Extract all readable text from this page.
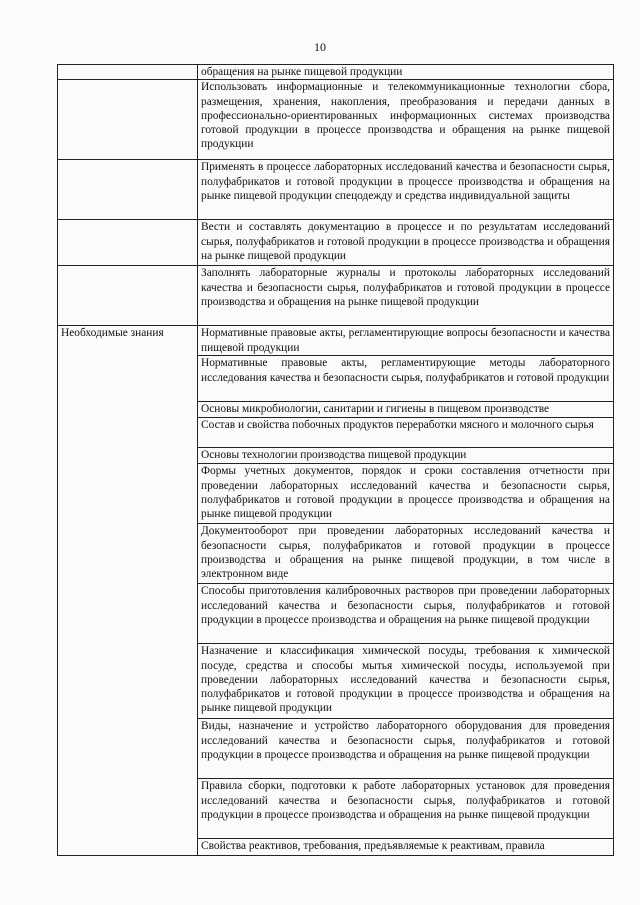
10
	обращения на рынке пищевой продукции
	Использовать информационные и телекоммуникационные технологии сбора, размещения, хранения, накопления, преобразования и передачи данных в профессионально-ориентированных информационных системах производства готовой продукции в процессе производства и обращения на рынке пищевой продукции
	Применять в процессе лабораторных исследований качества и безопасности сырья, полуфабрикатов и готовой продукции в процессе производства и обращения на рынке пищевой продукции спецодежду и средства индивидуальной защиты
	Вести и составлять документацию в процессе и по результатам исследований сырья, полуфабрикатов и готовой продукции в процессе производства и обращения на рынке пищевой продукции
	Заполнять лабораторные журналы и протоколы лабораторных исследований качества и безопасности сырья, полуфабрикатов и готовой продукции в процессе производства и обращения на рынке пищевой продукции
Необходимые знания	Нормативные правовые акты, регламентирующие вопросы безопасности и качества пищевой продукции
	Нормативные правовые акты, регламентирующие методы лабораторного исследования качества и безопасности сырья, полуфабрикатов и готовой продукции
	Основы микробиологии, санитарии и гигиены в пищевом производстве
	Состав и свойства побочных продуктов переработки мясного и молочного сырья
	Основы технологии производства пищевой продукции
	Формы учетных документов, порядок и сроки составления отчетности при проведении лабораторных исследований качества и безопасности сырья, полуфабрикатов и готовой продукции в процессе производства и обращения на рынке пищевой продукции
	Документооборот при проведении лабораторных исследований качества и безопасности сырья, полуфабрикатов и готовой продукции в процессе производства и обращения на рынке пищевой продукции, в том числе в электронном виде
	Способы приготовления калибровочных растворов при проведении лабораторных исследований качества и безопасности сырья, полуфабрикатов и готовой продукции в процессе производства и обращения на рынке пищевой продукции
	Назначение и классификация химической посуды, требования к химической посуде, средства и способы мытья химической посуды, используемой при проведении лабораторных исследований качества и безопасности сырья, полуфабрикатов и готовой продукции в процессе производства и обращения на рынке пищевой продукции
	Виды, назначение и устройство лабораторного оборудования для проведения исследований качества и безопасности сырья, полуфабрикатов и готовой продукции в процессе производства и обращения на рынке пищевой продукции
	Правила сборки, подготовки к работе лабораторных установок для проведения исследований качества и безопасности сырья, полуфабрикатов и готовой продукции в процессе производства и обращения на рынке пищевой продукции
	Свойства реактивов, требования, предъявляемые к реактивам, правила
